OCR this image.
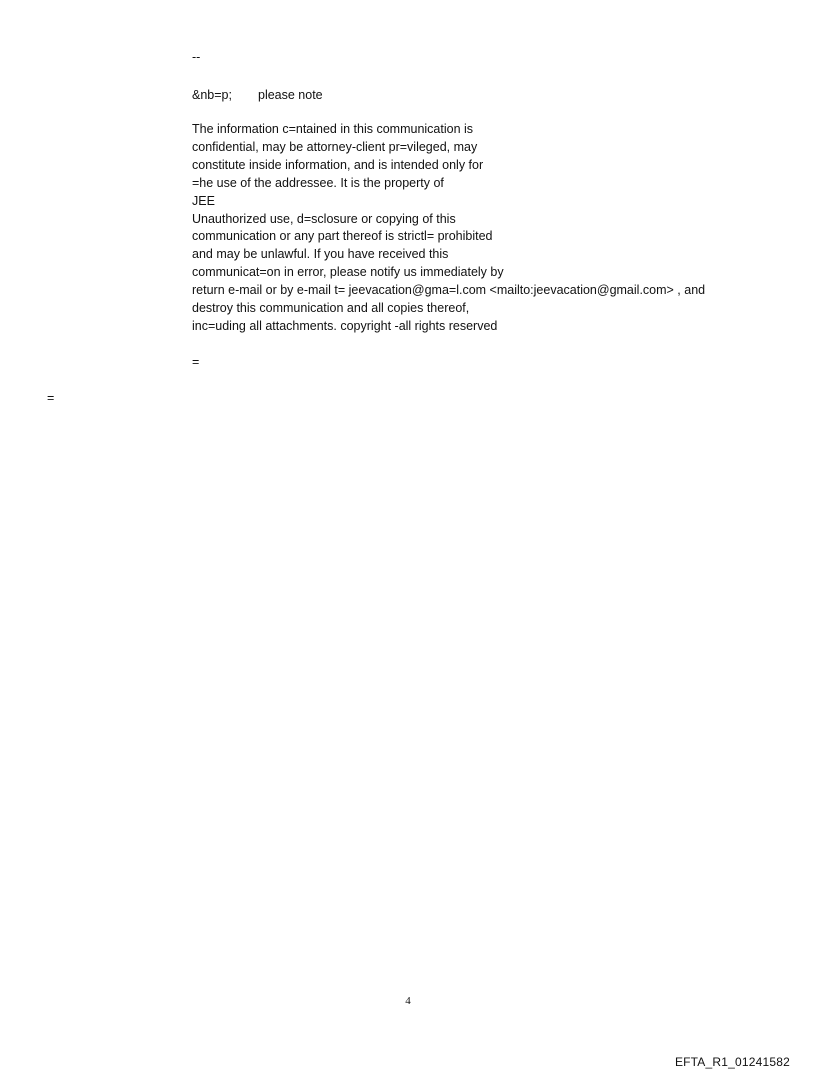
--
&nb=p; please note
The information c=ntained in this communication is
confidential, may be attorney-client pr=vileged, may
constitute inside information, and is intended only for
=he use of the addressee. It is the property of
JEE
Unauthorized use, d=sclosure or copying of this
communication or any part thereof is strictl= prohibited
and may be unlawful. If you have received this
communicat=on in error, please notify us immediately by
return e-mail or by e-mail t= jeevacation@gma=l.com <mailto:jeevacation@gmail.com> , and
destroy this communication and all copies thereof,
inc=uding all attachments. copyright -all rights reserved
=
=
4
EFTA_R1_01241582
